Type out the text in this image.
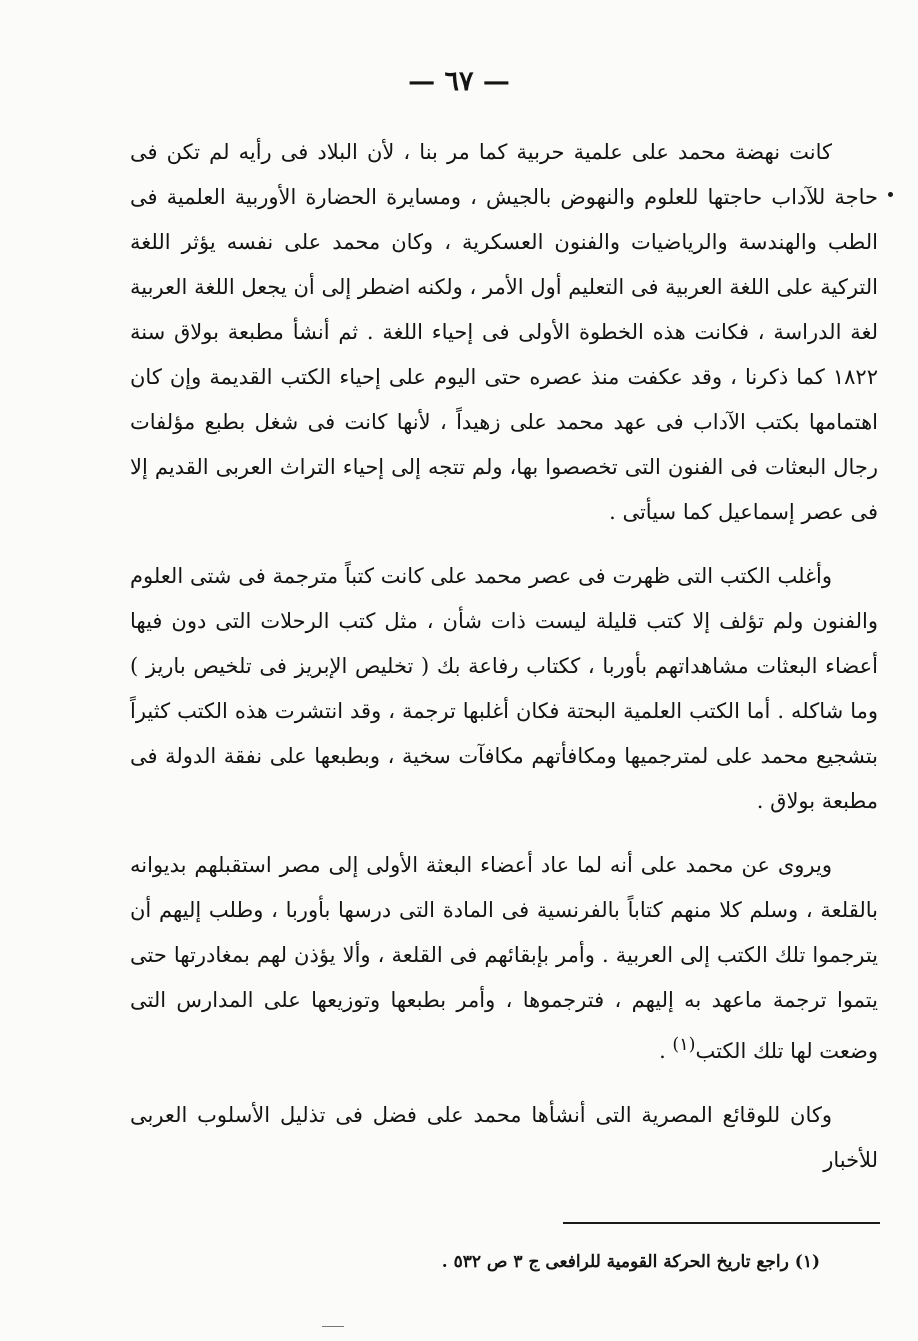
— ٦٧ —

كانت نهضة محمد على علمية حربية كما مر بنا ، لأن البلاد فى رأيه لم تكن فى حاجة للآداب حاجتها للعلوم والنهوض بالجيش ، ومسايرة الحضارة الأوربية العلمية فى الطب والهندسة والرياضيات والفنون العسكرية ، وكان محمد على نفسه يؤثر اللغة التركية على اللغة العربية فى التعليم أول الأمر ، ولكنه اضطر إلى أن يجعل اللغة العربية لغة الدراسة ، فكانت هذه الخطوة الأولى فى إحياء اللغة . ثم أنشأ مطبعة بولاق سنة ١٨٢٢ كما ذكرنا ، وقد عكفت منذ عصره حتى اليوم على إحياء الكتب القديمة وإن كان اهتمامها بكتب الآداب فى عهد محمد على زهيداً ، لأنها كانت فى شغل بطبع مؤلفات رجال البعثات فى الفنون التى تخصصوا بها، ولم تتجه إلى إحياء التراث العربى القديم إلا فى عصر إسماعيل كما سيأتى .

وأغلب الكتب التى ظهرت فى عصر محمد على كانت كتباً مترجمة فى شتى العلوم والفنون ولم تؤلف إلا كتب قليلة ليست ذات شأن ، مثل كتب الرحلات التى دون فيها أعضاء البعثات مشاهداتهم بأوربا ، ككتاب رفاعة بك ( تخليص الإبريز فى تلخيص باريز ) وما شاكله . أما الكتب العلمية البحتة فكان أغلبها ترجمة ، وقد انتشرت هذه الكتب كثيراً بتشجيع محمد على لمترجميها ومكافأتهم مكافآت سخية ، وبطبعها على نفقة الدولة فى مطبعة بولاق .

ويروى عن محمد على أنه لما عاد أعضاء البعثة الأولى إلى مصر استقبلهم بديوانه بالقلعة ، وسلم كلا منهم كتاباً بالفرنسية فى المادة التى درسها بأوربا ، وطلب إليهم أن يترجموا تلك الكتب إلى العربية . وأمر بإبقائهم فى القلعة ، وألا يؤذن لهم بمغادرتها حتى يتموا ترجمة ماعهد به إليهم ، فترجموها ، وأمر بطبعها وتوزيعها على المدارس التى وضعت لها تلك الكتب$^{(١)}$ .

وكان للوقائع المصرية التى أنشأها محمد على فضل فى تذليل الأسلوب العربى للأخبار

(١) راجع تاريخ الحركة القومية للرافعى ج ٣ ص ٥٣٢ .
